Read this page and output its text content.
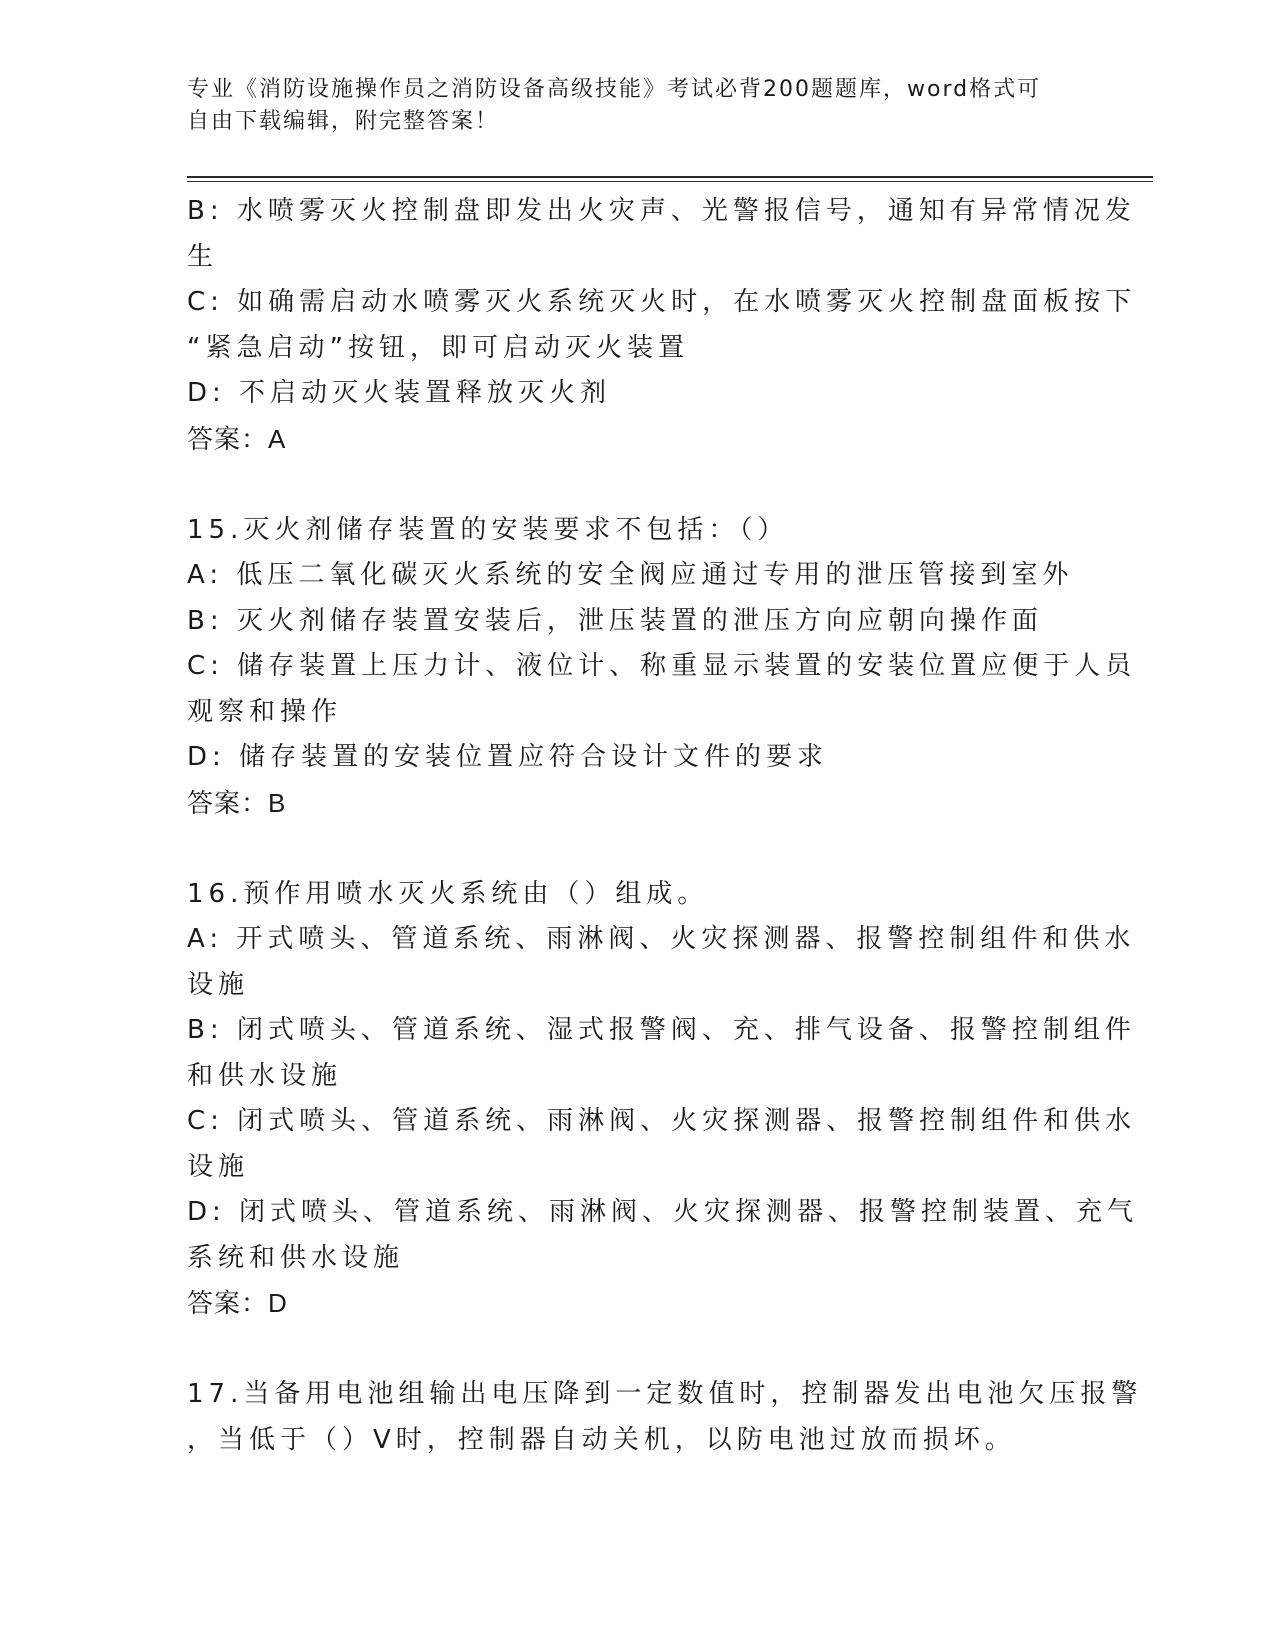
专业《消防设施操作员之消防设备高级技能》考试必背200题题库，word格式可
自由下载编辑，附完整答案！
B: 水喷雾灭火控制盘即发出火灾声、光警报信号，通知有异常情况发
生
C: 如确需启动水喷雾灭火系统灭火时，在水喷雾灭火控制盘面板按下
“紧急启动”按钮，即可启动灭火装置
D: 不启动灭火装置释放灭火剂
答案：A
15.灭火剂储存装置的安装要求不包括：（）
A: 低压二氧化碳灭火系统的安全阀应通过专用的泄压管接到室外
B: 灭火剂储存装置安装后，泄压装置的泄压方向应朝向操作面
C: 储存装置上压力计、液位计、称重显示装置的安装位置应便于人员
观察和操作
D: 储存装置的安装位置应符合设计文件的要求
答案：B
16.预作用喷水灭火系统由（）组成。
A: 开式喷头、管道系统、雨淋阀、火灾探测器、报警控制组件和供水
设施
B: 闭式喷头、管道系统、湿式报警阀、充、排气设备、报警控制组件
和供水设施
C: 闭式喷头、管道系统、雨淋阀、火灾探测器、报警控制组件和供水
设施
D: 闭式喷头、管道系统、雨淋阀、火灾探测器、报警控制装置、充气
系统和供水设施
答案：D
17.当备用电池组输出电压降到一定数值时，控制器发出电池欠压报警
，当低于（）V时，控制器自动关机，以防电池过放而损坏。
